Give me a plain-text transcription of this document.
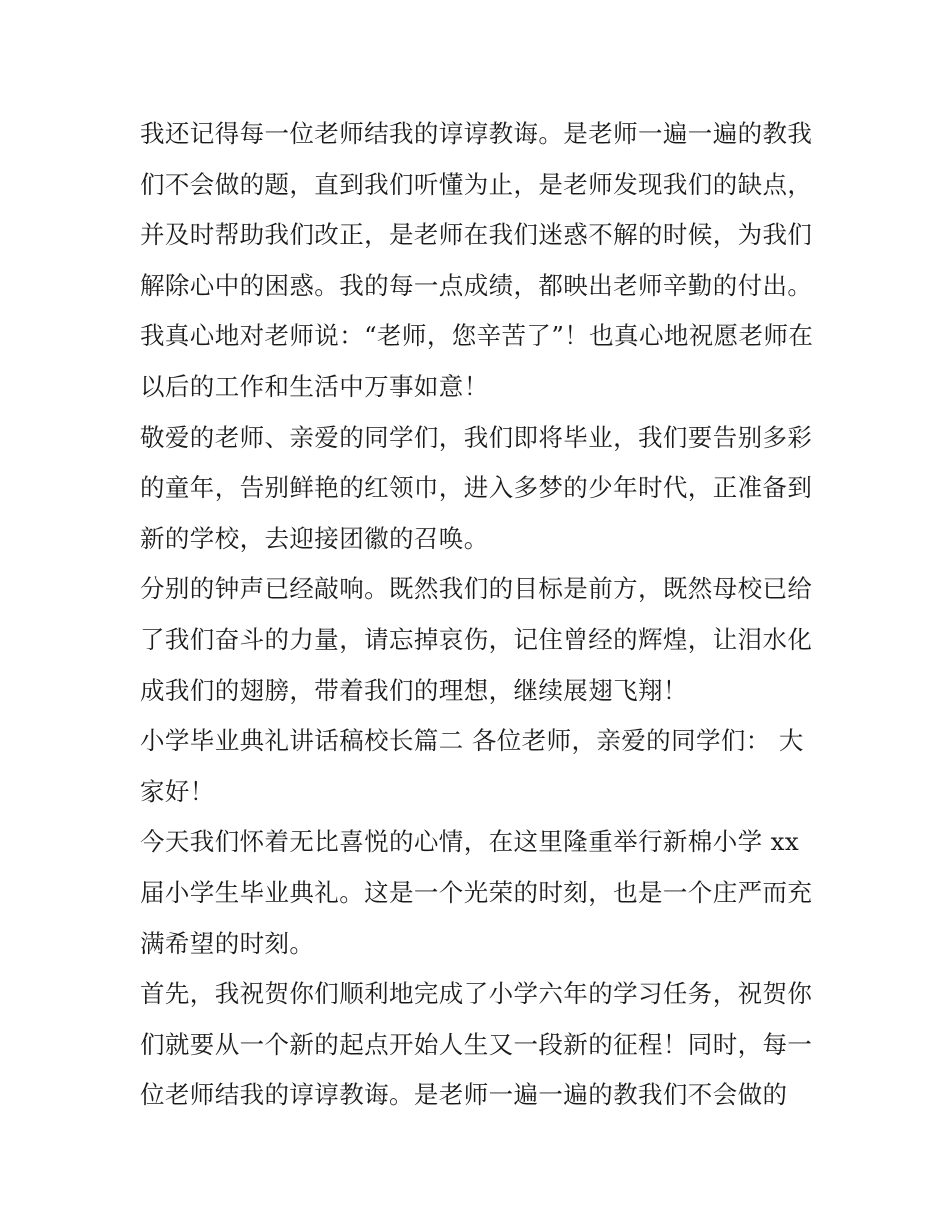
我还记得每一位老师结我的谆谆教诲。是老师一遍一遍的教我
们不会做的题，直到我们听懂为止，是老师发现我们的缺点，
并及时帮助我们改正，是老师在我们迷惑不解的时候，为我们
解除心中的困惑。我的每一点成绩，都映出老师辛勤的付出。
我真心地对老师说：“老师，您辛苦了”！也真心地祝愿老师在
以后的工作和生活中万事如意！
敬爱的老师、亲爱的同学们，我们即将毕业，我们要告别多彩
的童年，告别鲜艳的红领巾，进入多梦的少年时代，正准备到
新的学校，去迎接团徽的召唤。
分别的钟声已经敲响。既然我们的目标是前方，既然母校已给
了我们奋斗的力量，请忘掉哀伤，记住曾经的辉煌，让泪水化
成我们的翅膀，带着我们的理想，继续展翅飞翔！
小学毕业典礼讲话稿校长篇二 各位老师，亲爱的同学们： 大
家好！
今天我们怀着无比喜悦的心情，在这里隆重举行新棉小学 xx
届小学生毕业典礼。这是一个光荣的时刻，也是一个庄严而充
满希望的时刻。
首先，我祝贺你们顺利地完成了小学六年的学习任务，祝贺你
们就要从一个新的起点开始人生又一段新的征程！同时，每一
位老师结我的谆谆教诲。是老师一遍一遍的教我们不会做的
